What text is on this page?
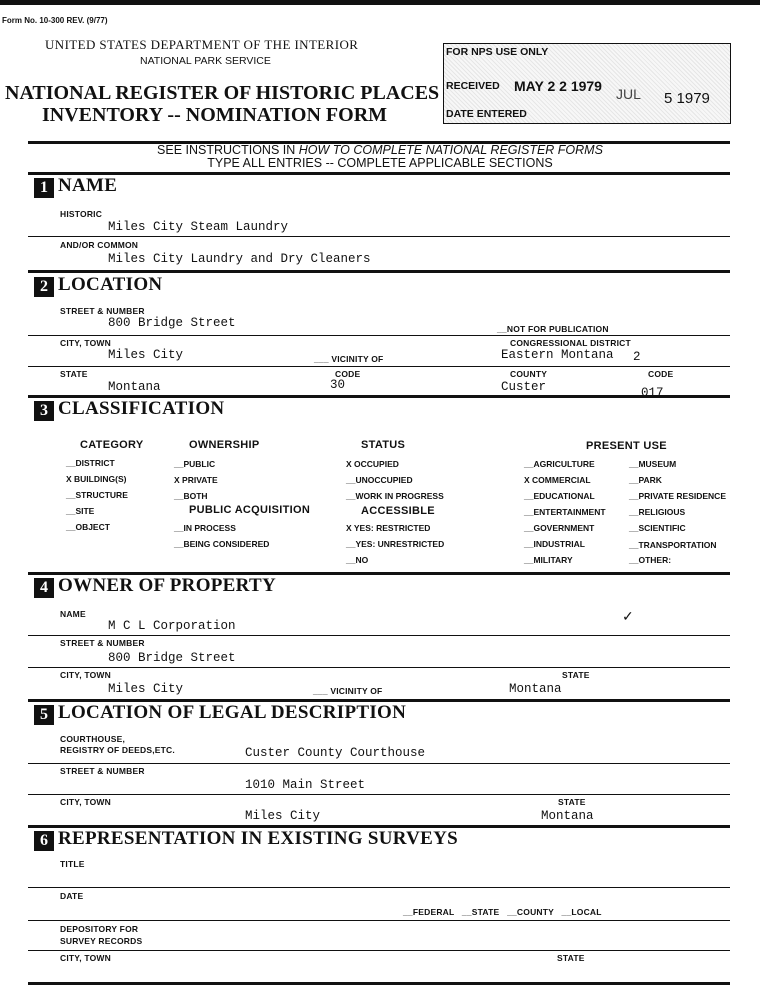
Form No. 10-300 REV. (9/77)
UNITED STATES DEPARTMENT OF THE INTERIOR
NATIONAL PARK SERVICE
NATIONAL REGISTER OF HISTORIC PLACES
INVENTORY -- NOMINATION FORM
FOR NPS USE ONLY
RECEIVED MAY 2 2 1979 JUL 5 1979
DATE ENTERED
SEE INSTRUCTIONS IN HOW TO COMPLETE NATIONAL REGISTER FORMS
TYPE ALL ENTRIES -- COMPLETE APPLICABLE SECTIONS
1 NAME
HISTORIC
Miles City Steam Laundry
AND/OR COMMON
Miles City Laundry and Dry Cleaners
2 LOCATION
STREET & NUMBER
800 Bridge Street	__NOT FOR PUBLICATION
CITY, TOWN	CONGRESSIONAL DISTRICT
Miles City	___ VICINITY OF	Eastern Montana 2
STATE	CODE	COUNTY	CODE
Montana	30	Custer	017
3 CLASSIFICATION
CATEGORY	OWNERSHIP	STATUS	PRESENT USE
__DISTRICT
X BUILDING(S)
__STRUCTURE
__SITE
__OBJECT
__PUBLIC
X PRIVATE
__BOTH
PUBLIC ACQUISITION
__IN PROCESS
__BEING CONSIDERED
X OCCUPIED
__UNOCCUPIED
__WORK IN PROGRESS
ACCESSIBLE
X YES: RESTRICTED
__YES: UNRESTRICTED
__NO
__AGRICULTURE
X COMMERCIAL
__EDUCATIONAL
__ENTERTAINMENT
__GOVERNMENT
__INDUSTRIAL
__MILITARY
__MUSEUM
__PARK
__PRIVATE RESIDENCE
__RELIGIOUS
__SCIENTIFIC
__TRANSPORTATION
__OTHER:
4 OWNER OF PROPERTY
NAME
M C L Corporation
✓
STREET & NUMBER
800 Bridge Street
CITY, TOWN	STATE
Miles City	___ VICINITY OF	Montana
5 LOCATION OF LEGAL DESCRIPTION
COURTHOUSE,
REGISTRY OF DEEDS,ETC.	Custer County Courthouse
STREET & NUMBER
1010 Main Street
CITY, TOWN	STATE
Miles City	Montana
6 REPRESENTATION IN EXISTING SURVEYS
TITLE
DATE
__FEDERAL   __STATE   __COUNTY   __LOCAL
DEPOSITORY FOR
SURVEY RECORDS
CITY, TOWN	STATE
